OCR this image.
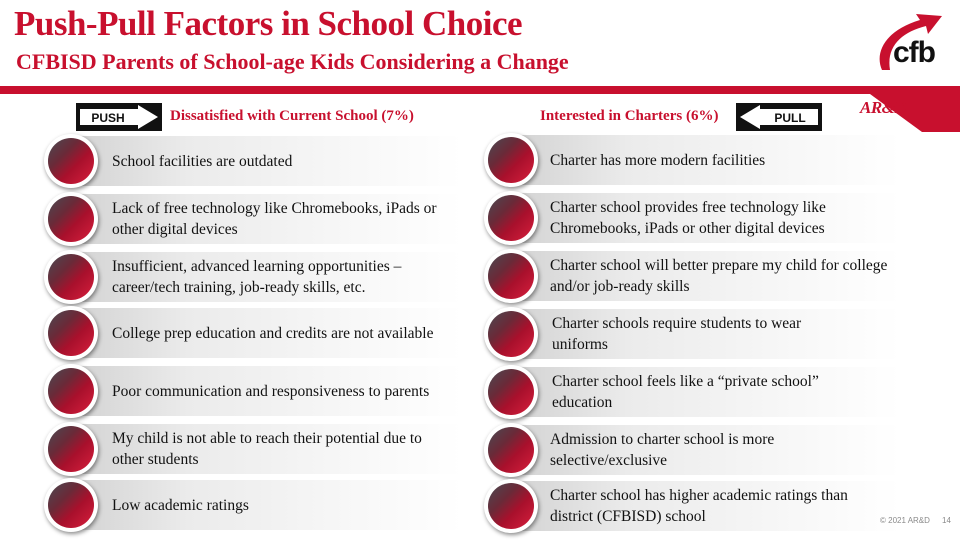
Push-Pull Factors in School Choice
CFBISD Parents of School-age Kids Considering a Change	cfb
AR&D
PUSH	Dissatisfied with Current School (7%)	Interested in Charters (6%)	PULL
School facilities are outdated
Lack of free technology like Chromebooks, iPads or other digital devices
Insufficient, advanced learning opportunities – career/tech training, job-ready skills, etc.
College prep education and credits are not available
Poor communication and responsiveness to parents
My child is not able to reach their potential due to other students
Low academic ratings
Charter has more modern facilities
Charter school provides free technology like Chromebooks, iPads or other digital devices
Charter school will better prepare my child for college and/or job-ready skills
Charter schools require students to wear uniforms
Charter school feels like a “private school” education
Admission to charter school is more selective/exclusive
Charter school has higher academic ratings than district (CFBISD) school	© 2021 AR&D 14
